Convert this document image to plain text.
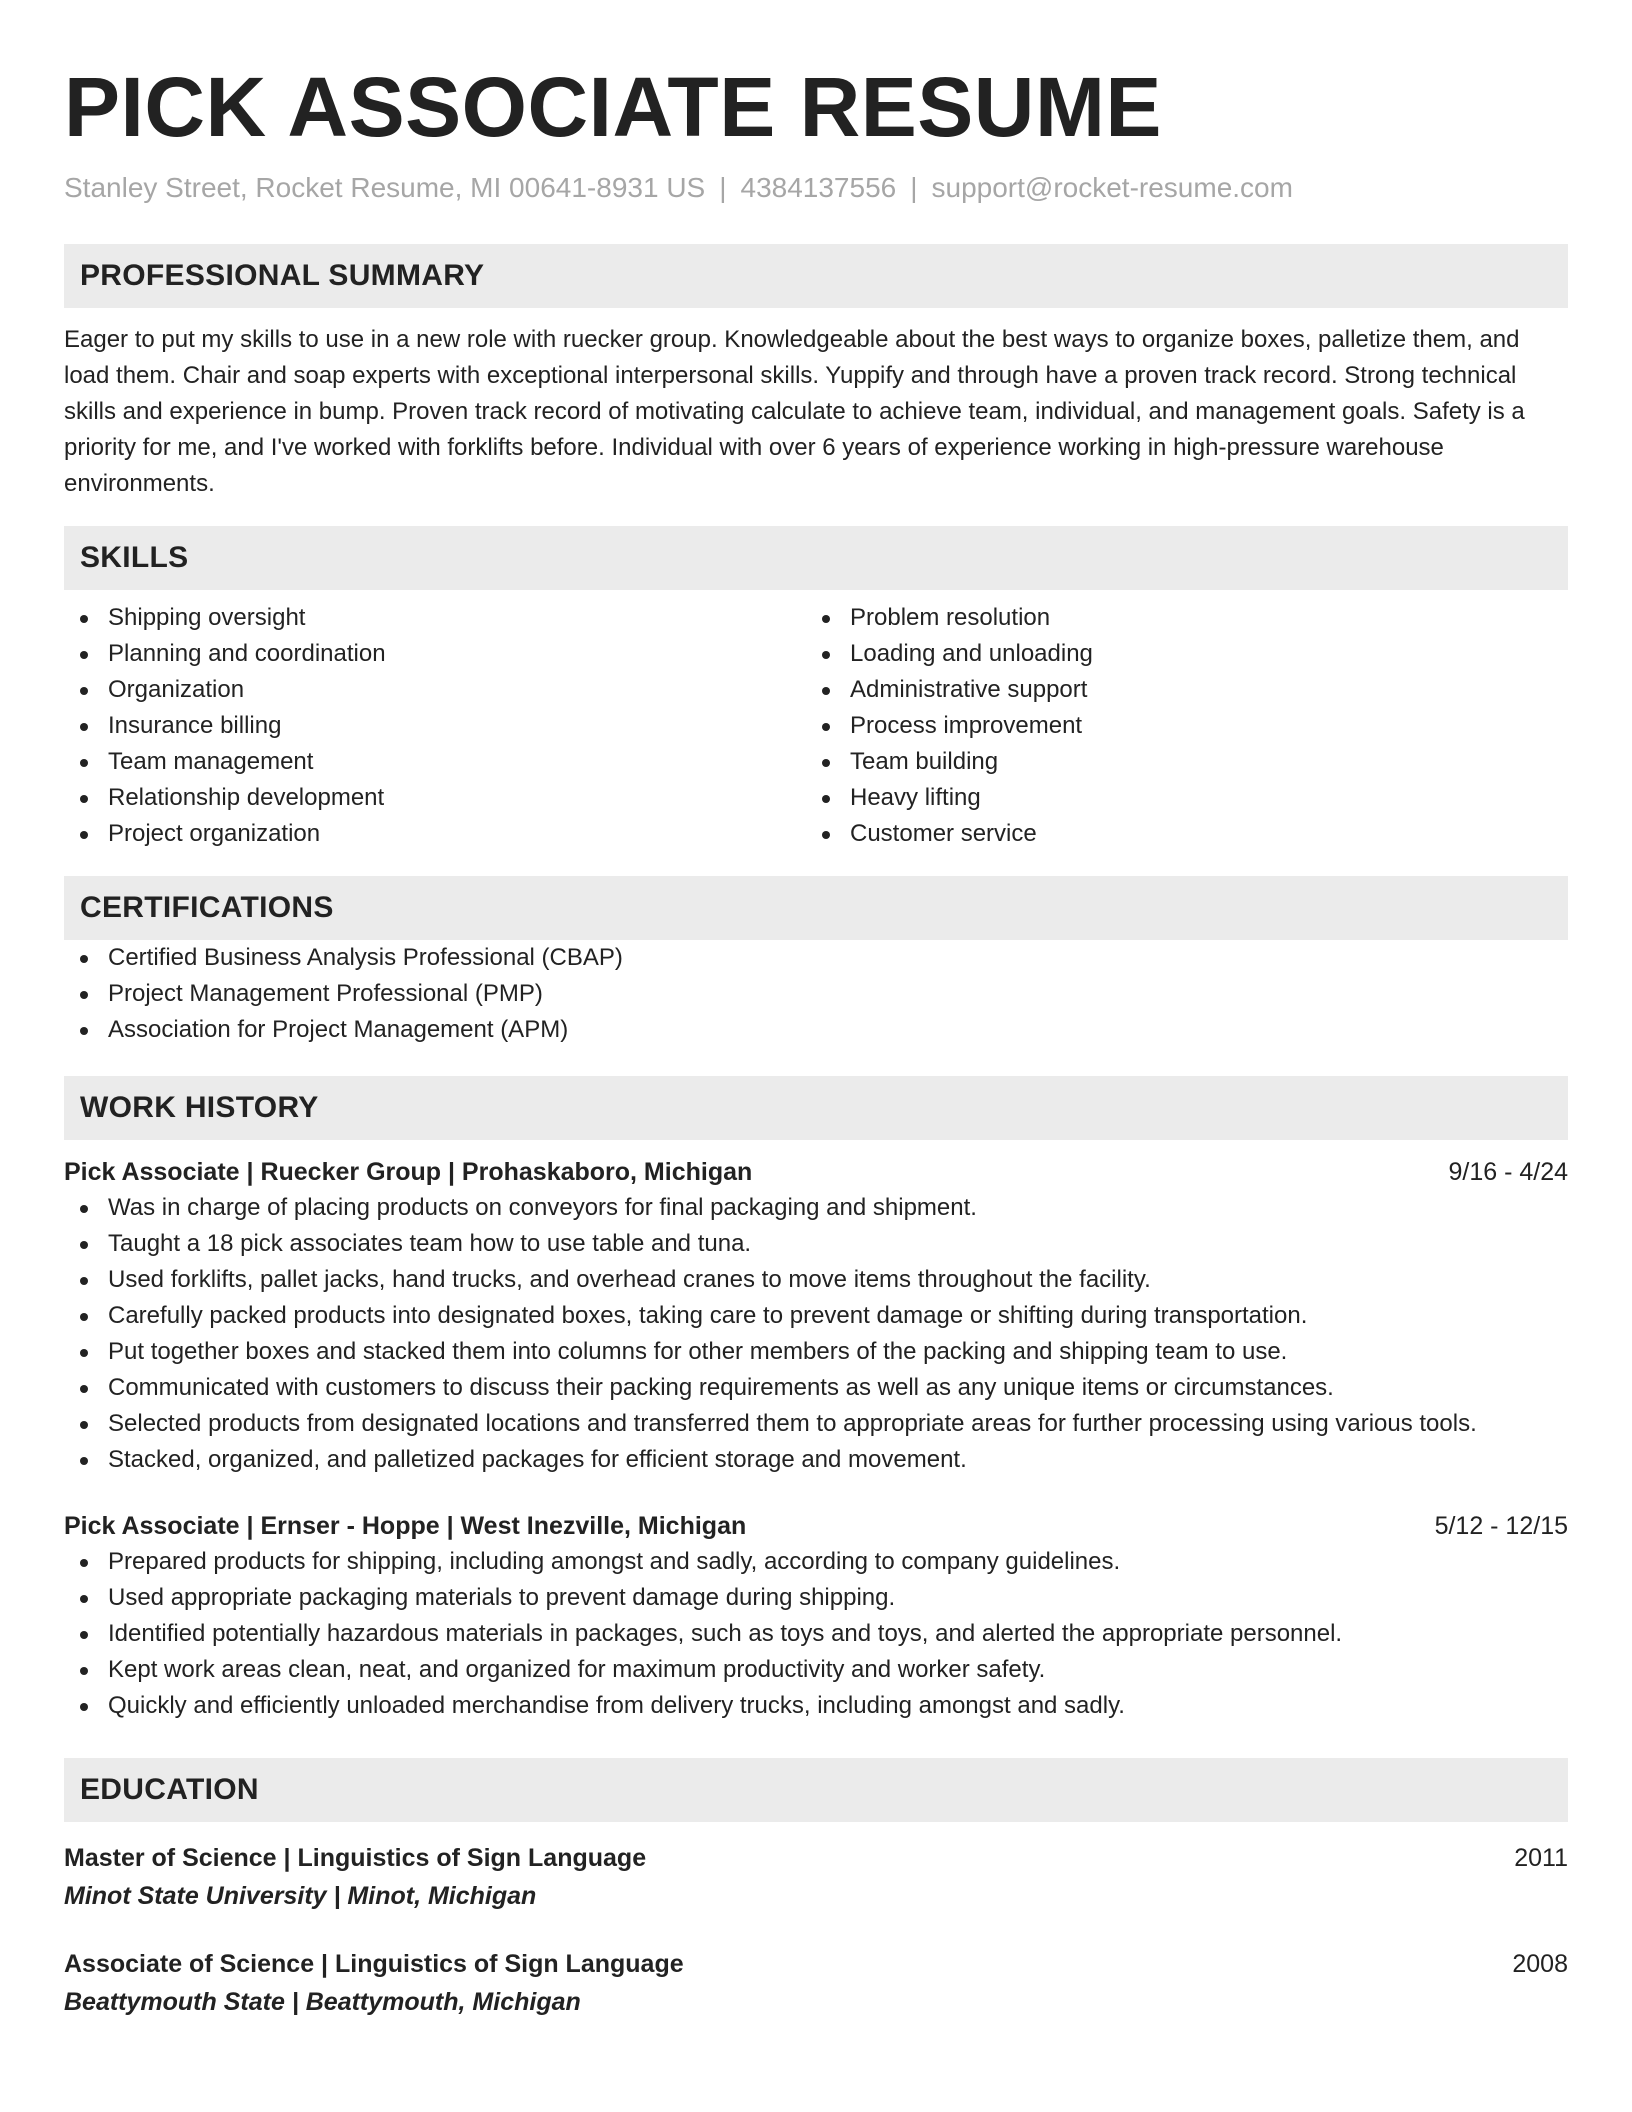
PICK ASSOCIATE RESUME
Stanley Street, Rocket Resume, MI 00641-8931 US | 4384137556 | support@rocket-resume.com
PROFESSIONAL SUMMARY

Eager to put my skills to use in a new role with ruecker group. Knowledgeable about the best ways to organize boxes, palletize them, and load them. Chair and soap experts with exceptional interpersonal skills. Yuppify and through have a proven track record. Strong technical skills and experience in bump. Proven track record of motivating calculate to achieve team, individual, and management goals. Safety is a priority for me, and I've worked with forklifts before. Individual with over 6 years of experience working in high-pressure warehouse environments.

SKILLS
Shipping oversight
Planning and coordination
Organization
Insurance billing
Team management
Relationship development
Project organization
Problem resolution
Loading and unloading
Administrative support
Process improvement
Team building
Heavy lifting
Customer service
CERTIFICATIONS
Certified Business Analysis Professional (CBAP)
Project Management Professional (PMP)
Association for Project Management (APM)
WORK HISTORY
Pick Associate | Ruecker Group | Prohaskaboro, Michigan	9/16 - 4/24
Was in charge of placing products on conveyors for final packaging and shipment.
Taught a 18 pick associates team how to use table and tuna.
Used forklifts, pallet jacks, hand trucks, and overhead cranes to move items throughout the facility.
Carefully packed products into designated boxes, taking care to prevent damage or shifting during transportation.
Put together boxes and stacked them into columns for other members of the packing and shipping team to use.
Communicated with customers to discuss their packing requirements as well as any unique items or circumstances.
Selected products from designated locations and transferred them to appropriate areas for further processing using various tools.
Stacked, organized, and palletized packages for efficient storage and movement.
Pick Associate | Ernser - Hoppe | West Inezville, Michigan	5/12 - 12/15
Prepared products for shipping, including amongst and sadly, according to company guidelines.
Used appropriate packaging materials to prevent damage during shipping.
Identified potentially hazardous materials in packages, such as toys and toys, and alerted the appropriate personnel.
Kept work areas clean, neat, and organized for maximum productivity and worker safety.
Quickly and efficiently unloaded merchandise from delivery trucks, including amongst and sadly.
EDUCATION
Master of Science | Linguistics of Sign Language	2011
Minot State University | Minot, Michigan
Associate of Science | Linguistics of Sign Language	2008
Beattymouth State | Beattymouth, Michigan
